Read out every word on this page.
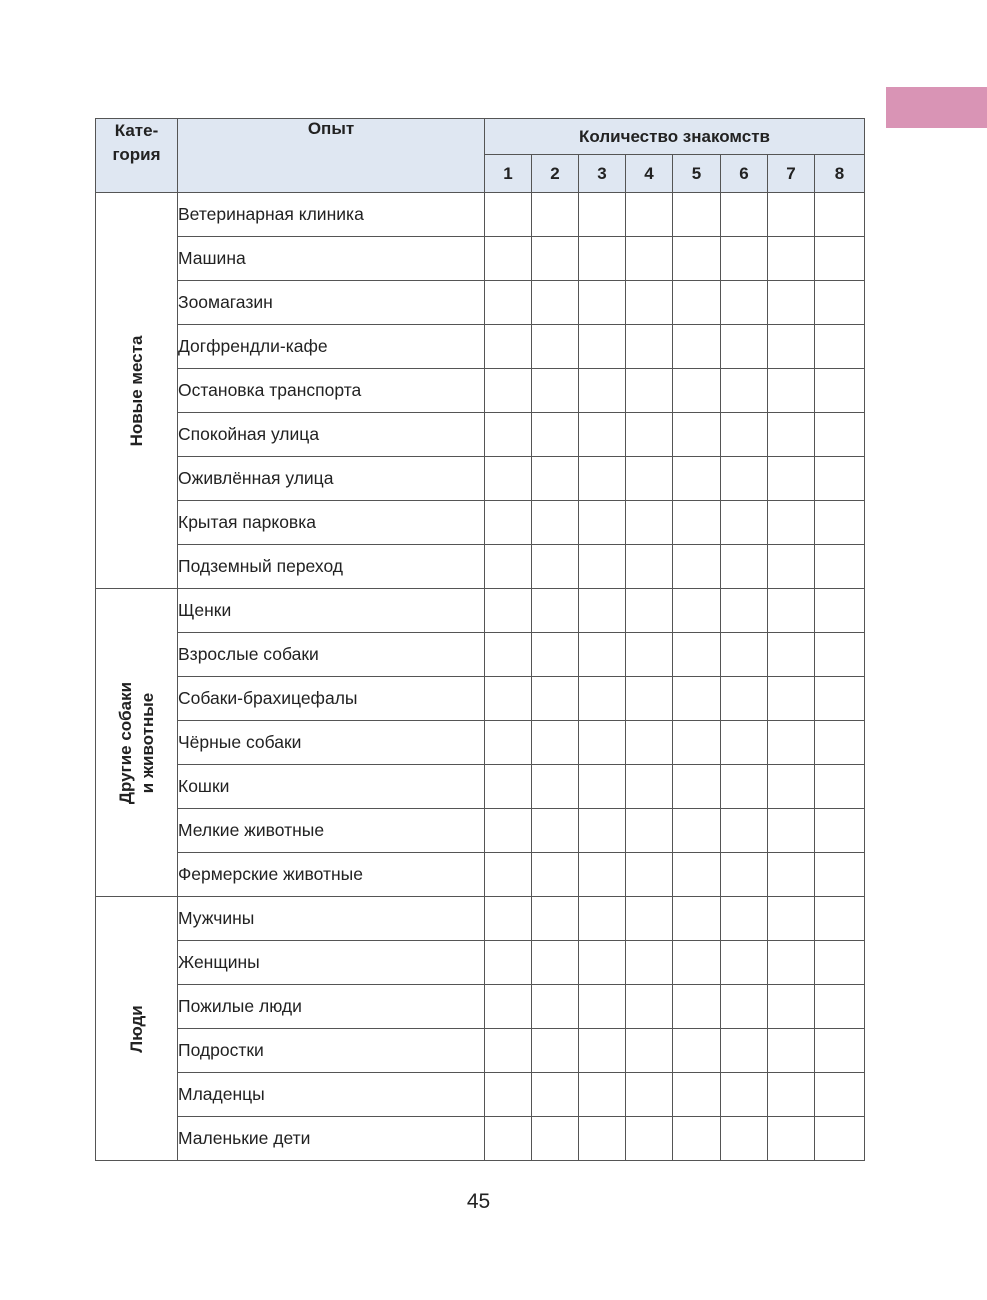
Кате-
гория	Опыт	Количество знакомств							
		1	2	3	4	5	6	7	8

Новые места	Ветеринарная клиника								
	Машина								
	Зоомагазин								
	Догфрендли-кафе								
	Остановка транспорта								
	Спокойная улица								
	Оживлённая улица								
	Крытая парковка								
	Подземный переход								

Другие собаки и животные	Щенки								
	Взрослые собаки								
	Собаки-брахицефалы								
	Чёрные собаки								
	Кошки								
	Мелкие животные								
	Фермерские животные								

Люди	Мужчины								
	Женщины								
	Пожилые люди								
	Подростки								
	Младенцы								
	Маленькие дети								
45
